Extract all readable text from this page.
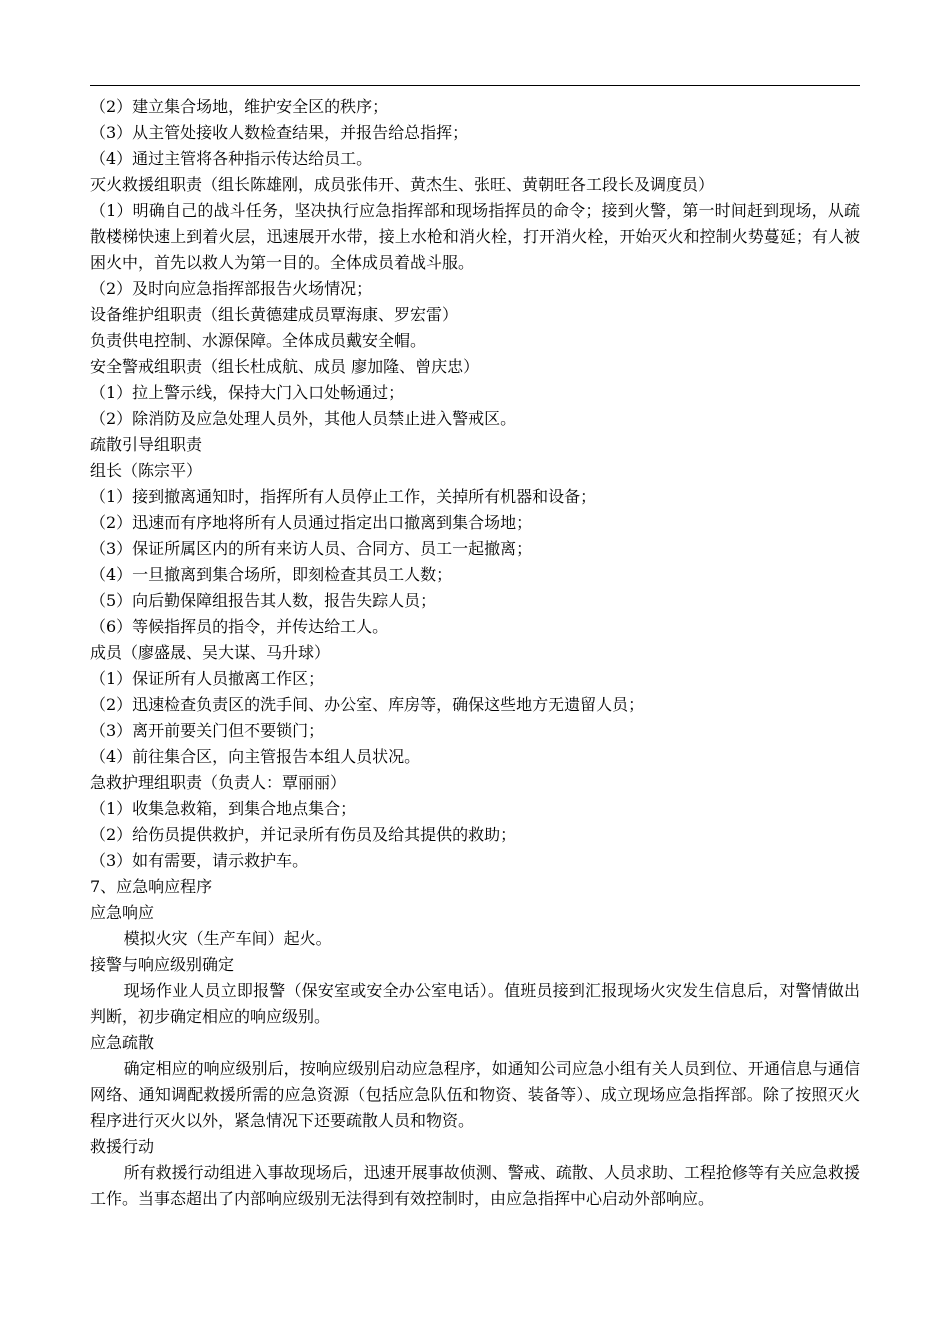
（2）建立集合场地，维护安全区的秩序；

（3）从主管处接收人数检查结果，并报告给总指挥；

（4）通过主管将各种指示传达给员工。

灭火救援组职责（组长陈雄刚，成员张伟开、黄杰生、张旺、黄朝旺各工段长及调度员）

（1）明确自己的战斗任务，坚决执行应急指挥部和现场指挥员的命令；接到火警，第一时间赶到现场，从疏散楼梯快速上到着火层，迅速展开水带，接上水枪和消火栓，打开消火栓，开始灭火和控制火势蔓延；有人被困火中，首先以救人为第一目的。全体成员着战斗服。

（2）及时向应急指挥部报告火场情况；

设备维护组职责（组长黄德建成员覃海康、罗宏雷）

负责供电控制、水源保障。全体成员戴安全帽。

安全警戒组职责（组长杜成航、成员 廖加隆、曾庆忠）

（1）拉上警示线，保持大门入口处畅通过；

（2）除消防及应急处理人员外，其他人员禁止进入警戒区。

疏散引导组职责

组长（陈宗平）

（1）接到撤离通知时，指挥所有人员停止工作，关掉所有机器和设备；

（2）迅速而有序地将所有人员通过指定出口撤离到集合场地；

（3）保证所属区内的所有来访人员、合同方、员工一起撤离；

（4）一旦撤离到集合场所，即刻检查其员工人数；

（5）向后勤保障组报告其人数，报告失踪人员；

（6）等候指挥员的指令，并传达给工人。

成员（廖盛晟、吴大谋、马升球）

（1）保证所有人员撤离工作区；

（2）迅速检查负责区的洗手间、办公室、库房等，确保这些地方无遗留人员；

（3）离开前要关门但不要锁门；

（4）前往集合区，向主管报告本组人员状况。

急救护理组职责（负责人：覃丽丽）

（1）收集急救箱，到集合地点集合；

（2）给伤员提供救护，并记录所有伤员及给其提供的救助；

（3）如有需要，请示救护车。

7、应急响应程序

应急响应

模拟火灾（生产车间）起火。

接警与响应级别确定

现场作业人员立即报警（保安室或安全办公室电话）。值班员接到汇报现场火灾发生信息后，对警情做出判断，初步确定相应的响应级别。

应急疏散

确定相应的响应级别后，按响应级别启动应急程序，如通知公司应急小组有关人员到位、开通信息与通信网络、通知调配救援所需的应急资源（包括应急队伍和物资、装备等）、成立现场应急指挥部。除了按照灭火程序进行灭火以外，紧急情况下还要疏散人员和物资。

救援行动

所有救援行动组进入事故现场后，迅速开展事故侦测、警戒、疏散、人员求助、工程抢修等有关应急救援工作。当事态超出了内部响应级别无法得到有效控制时，由应急指挥中心启动外部响应。
